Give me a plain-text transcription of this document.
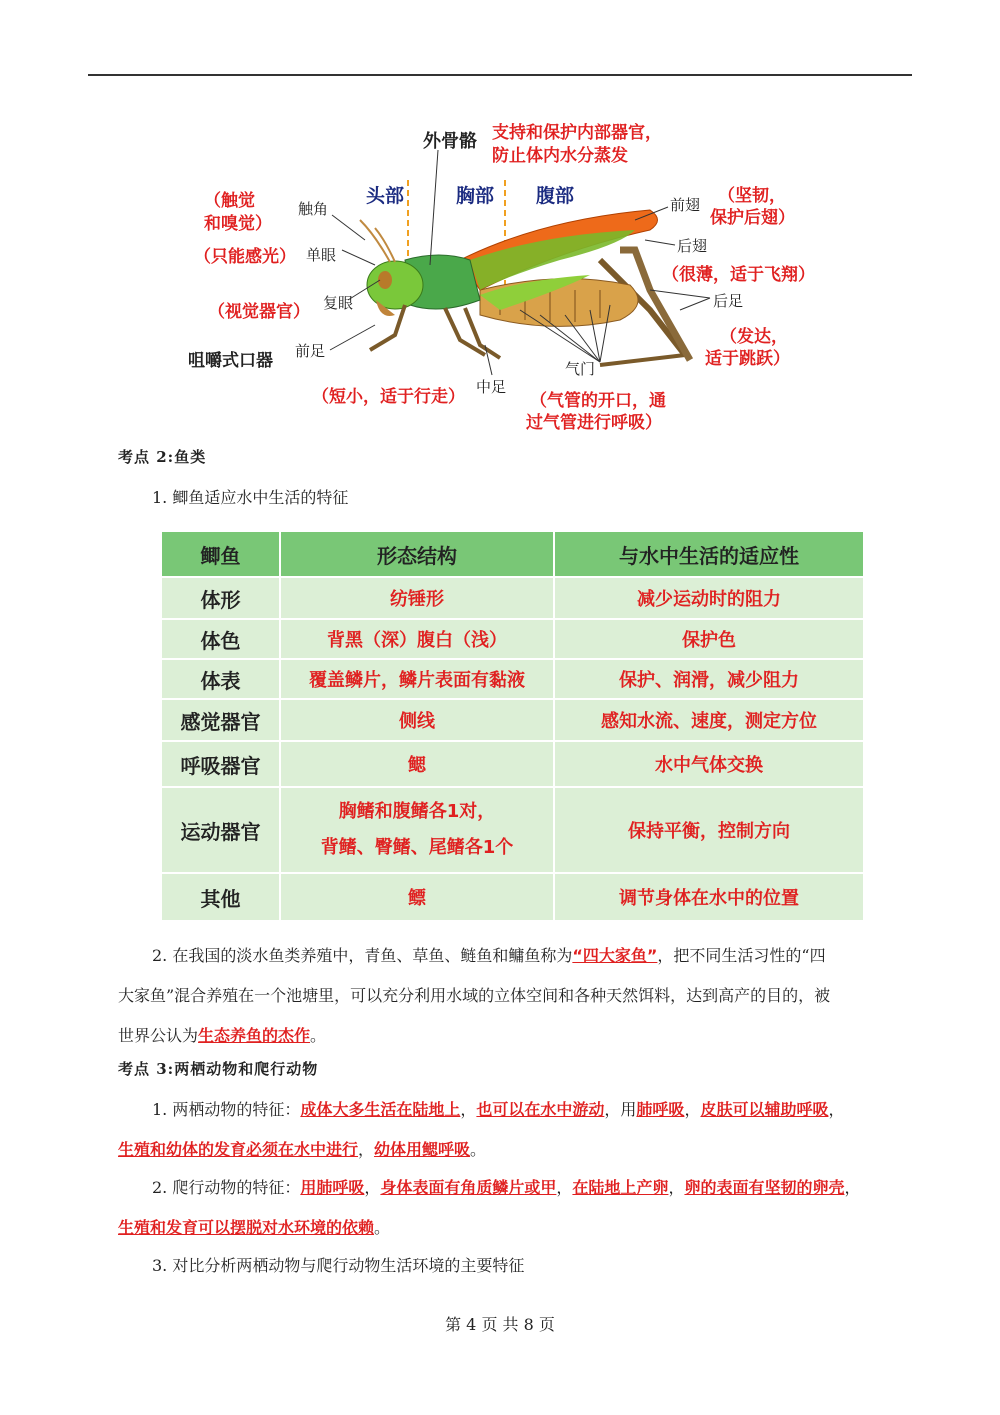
外骨骼 支持和保护内部器官，
防止体内水分蒸发
头部	胸部 腹部
（触觉
和嗅觉）
触角
（只能感光） 单眼
（视觉器官） 复眼
咀嚼式口器 前足
（短小，适于行走） 中足
气门
（气管的开口，通
过气管进行呼吸）
前翅 （坚韧，
保护后翅）
后翅
（很薄，适于飞翔）
后足
（发达，
适于跳跃）
考点 2:鱼类
1. 鲫鱼适应水中生活的特征
鲫鱼	形态结构	与水中生活的适应性
体形	纺锤形	减少运动时的阻力
体色	背黑（深）腹白（浅）	保护色
体表	覆盖鳞片，鳞片表面有黏液	保护、润滑，减少阻力
感觉器官	侧线	感知水流、速度，测定方位
呼吸器官	鳃	水中气体交换
运动器官	胸鳍和腹鳍各1对，
背鳍、臀鳍、尾鳍各1个	保持平衡，控制方向
其他	鳔	调节身体在水中的位置
2. 在我国的淡水鱼类养殖中，青鱼、草鱼、鲢鱼和鳙鱼称为“四大家鱼”，把不同生活习性的“四
大家鱼”混合养殖在一个池塘里，可以充分利用水域的立体空间和各种天然饵料，达到高产的目的，被
世界公认为生态养鱼的杰作。
考点 3:两栖动物和爬行动物
1. 两栖动物的特征：成体大多生活在陆地上，也可以在水中游动，用肺呼吸，皮肤可以辅助呼吸，
生殖和幼体的发育必须在水中进行，幼体用鳃呼吸。
2. 爬行动物的特征：用肺呼吸，身体表面有角质鳞片或甲，在陆地上产卵，卵的表面有坚韧的卵壳，
生殖和发育可以摆脱对水环境的依赖。
3. 对比分析两栖动物与爬行动物生活环境的主要特征
第 4 页 共 8 页
